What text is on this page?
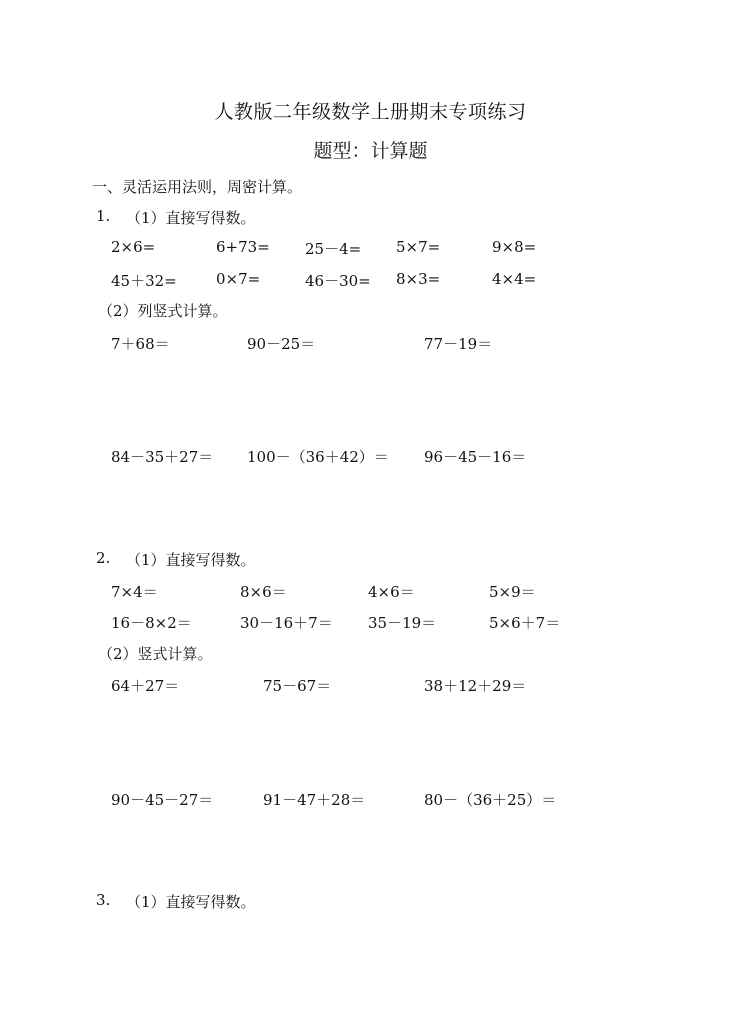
人教版二年级数学上册期末专项练习
题型：计算题
一、灵活运用法则，周密计算。
1. （1）直接写得数。
2×6=	6+73= 25－4= 5×7=	9×8=
45＋32=	0×7=	46－30= 8×3=	4×4=
（2）列竖式计算。
7＋68＝	90－25＝	77－19＝
84－35＋27＝ 100－（36＋42）＝ 96－45－16＝
2. （1）直接写得数。
7×4＝	8×6＝	4×6＝	5×9＝
16－8×2＝	30－16＋7＝ 35－19＝	5×6＋7＝
（2）竖式计算。
64＋27＝	75－67＝	38＋12＋29＝
90－45－27＝	91－47＋28＝	80－（36＋25）＝
3. （1）直接写得数。
